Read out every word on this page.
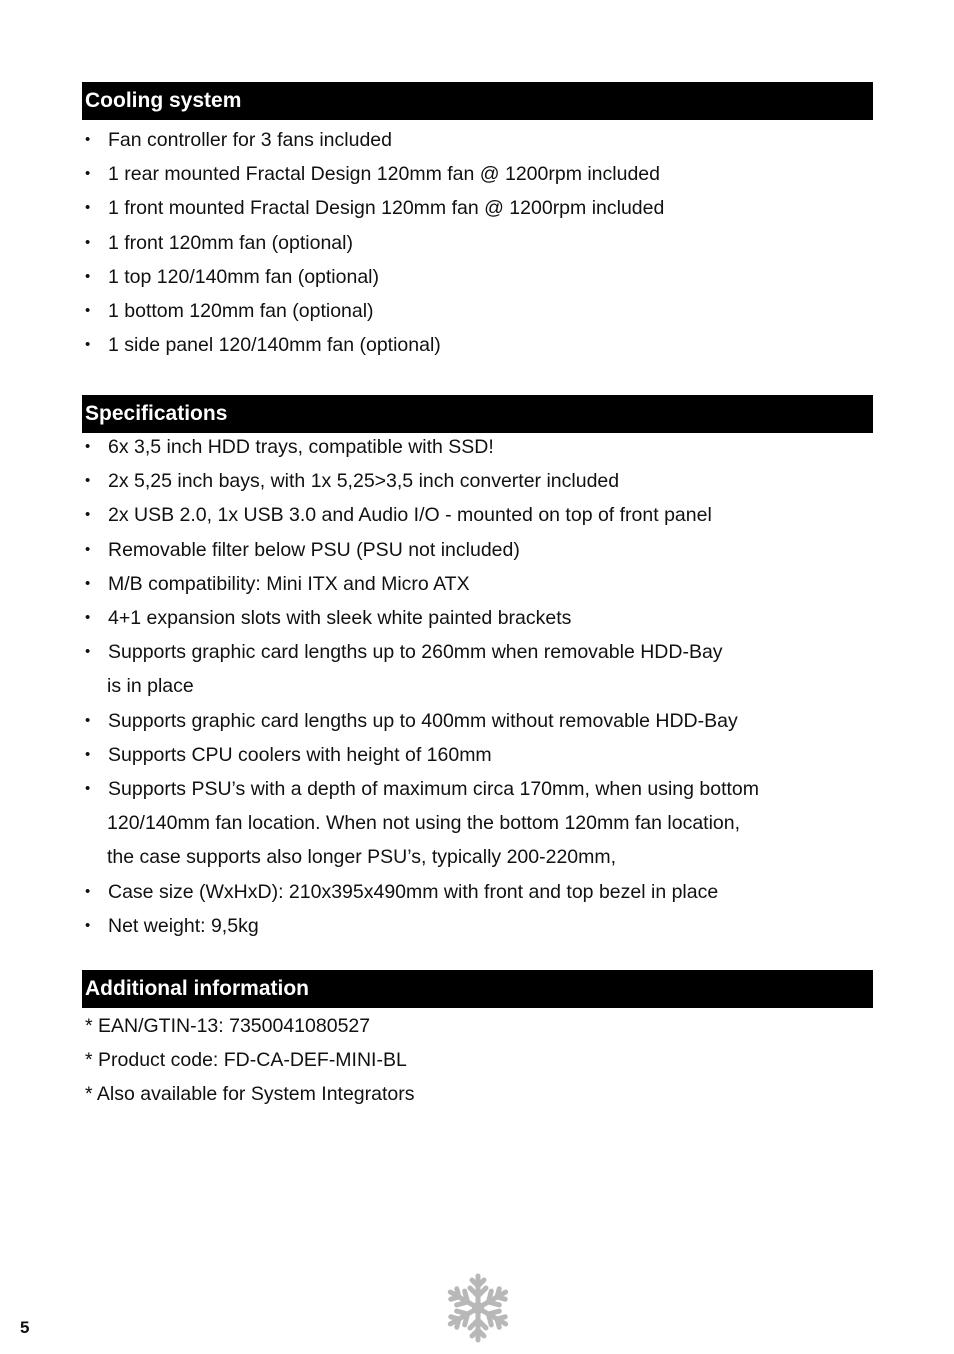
Cooling system
• Fan controller for 3 fans included
• 1 rear mounted Fractal Design 120mm fan @ 1200rpm included
• 1 front mounted Fractal Design 120mm fan @ 1200rpm included
• 1 front 120mm fan (optional)
• 1 top 120/140mm fan (optional)
• 1 bottom 120mm fan (optional)
• 1 side panel 120/140mm fan (optional)
Specifications
• 6x 3,5 inch HDD trays, compatible with SSD!
• 2x 5,25 inch bays, with 1x 5,25>3,5 inch converter included
• 2x USB 2.0, 1x USB 3.0 and Audio I/O - mounted on top of front panel
• Removable filter below PSU (PSU not included)
• M/B compatibility: Mini ITX and Micro ATX
• 4+1 expansion slots with sleek white painted brackets
• Supports graphic card lengths up to 260mm when removable HDD-Bay
is in place
• Supports graphic card lengths up to 400mm without removable HDD-Bay
• Supports CPU coolers with height of 160mm
• Supports PSU’s with a depth of maximum circa 170mm, when using bottom
120/140mm fan location. When not using the bottom 120mm fan location,
the case supports also longer PSU’s, typically 200-220mm,
• Case size (WxHxD): 210x395x490mm with front and top bezel in place
• Net weight: 9,5kg
Additional information
* EAN/GTIN-13: 7350041080527
* Product code: FD-CA-DEF-MINI-BL
* Also available for System Integrators
5
